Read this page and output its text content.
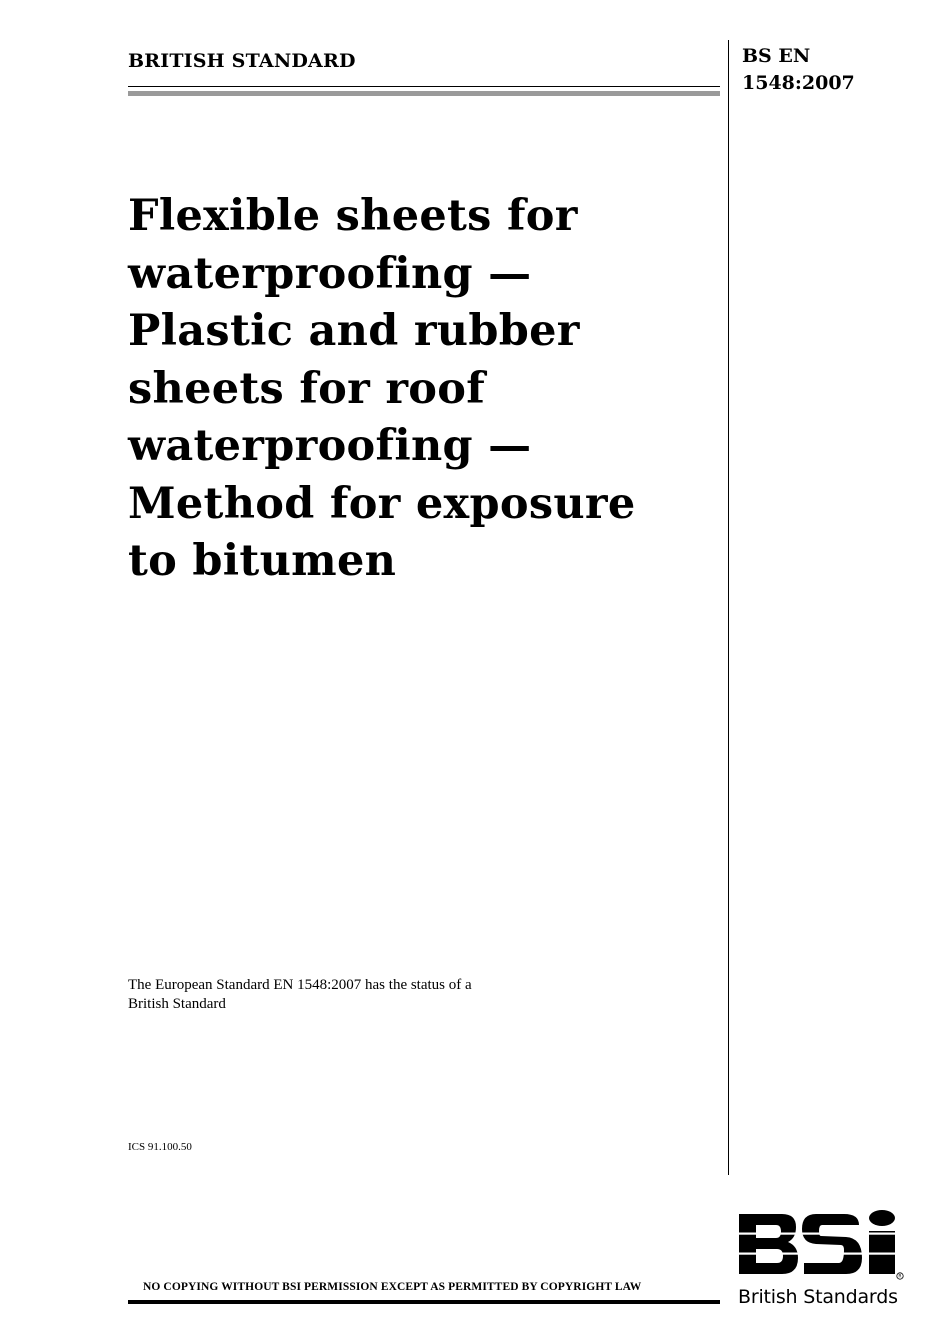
BRITISH STANDARD	BS EN
1548:2007
Flexible sheets for
waterproofing —
Plastic and rubber
sheets for roof
waterproofing —
Method for exposure
to bitumen
The European Standard EN 1548:2007 has the status of a
British Standard
ICS 91.100.50
NO COPYING WITHOUT BSI PERMISSION EXCEPT AS PERMITTED BY COPYRIGHT LAW
R
British Standards
